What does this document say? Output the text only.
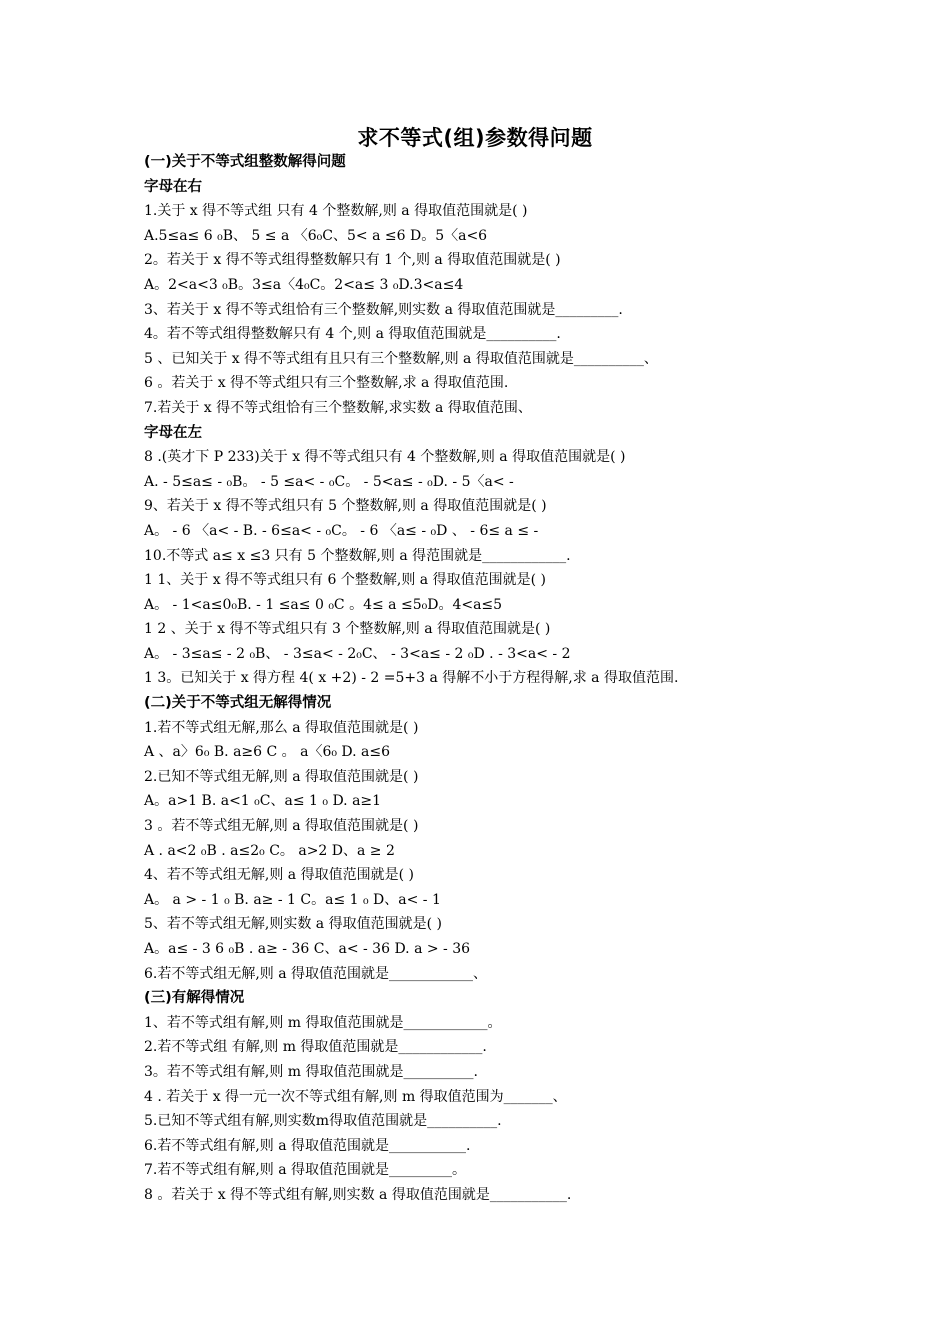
求不等式(组)参数得问题
(一)关于不等式组整数解得问题
字母在右
1.关于 x 得不等式组 只有 4 个整数解,则 a 得取值范围就是( )
A.5≤a≤ 6 ₀B、 5 ≤ a 〈6₀C、5< a ≤6 D。5〈a<6
2。若关于 x 得不等式组得整数解只有 1 个,则 a 得取值范围就是( )
A。2<a<3 ₀B。3≤a〈4₀C。2<a≤ 3 ₀D.3<a≤4
3、若关于 x 得不等式组恰有三个整数解,则实数 a 得取值范围就是_________.
4。若不等式组得整数解只有 4 个,则 a 得取值范围就是__________.
5 、已知关于 x 得不等式组有且只有三个整数解,则 a 得取值范围就是__________、
6 。若关于 x 得不等式组只有三个整数解,求 a 得取值范围.
7.若关于 x 得不等式组恰有三个整数解,求实数 a 得取值范围、
字母在左
8 .(英才下 P 233)关于 x 得不等式组只有 4 个整数解,则 a 得取值范围就是( )
A. - 5≤a≤ - ₀B。 - 5 ≤a< - ₀C。 - 5<a≤ - ₀D. - 5〈a< -
9、若关于 x 得不等式组只有 5 个整数解,则 a 得取值范围就是( )
A。 - 6 〈a< - B. - 6≤a< - ₀C。 - 6 〈a≤ - ₀D 、 - 6≤ a ≤ -
10.不等式 a≤ x ≤3 只有 5 个整数解,则 a 得范围就是____________.
1 1、关于 x 得不等式组只有 6 个整数解,则 a 得取值范围就是( )
A。 - 1<a≤0₀B. - 1 ≤a≤ 0 ₀C 。4≤ a ≤5₀D。4<a≤5
1 2 、关于 x 得不等式组只有 3 个整数解,则 a 得取值范围就是( )
A。 - 3≤a≤ - 2 ₀B、 - 3≤a< - 2₀C、 - 3<a≤ - 2 ₀D . - 3<a< - 2
1 3。已知关于 x 得方程 4( x +2) - 2 =5+3 a 得解不小于方程得解,求 a 得取值范围.
(二)关于不等式组无解得情况
1.若不等式组无解,那么 a 得取值范围就是( )
A 、a〉6₀ B. a≥6 C 。 a〈6₀ D. a≤6
2.已知不等式组无解,则 a 得取值范围就是( )
A。a>1 B. a<1 ₀C、a≤ 1 ₀ D. a≥1
3 。若不等式组无解,则 a 得取值范围就是( )
A . a<2 ₀B . a≤2₀ C。 a>2 D、a ≥ 2
4、若不等式组无解,则 a 得取值范围就是( )
A。 a > - 1 ₀ B. a≥ - 1 C。a≤ 1 ₀ D、a< - 1
5、若不等式组无解,则实数 a 得取值范围就是( )
A。a≤ - 3 6 ₀B . a≥ - 36 C、a< - 36 D. a > - 36
6.若不等式组无解,则 a 得取值范围就是____________、
(三)有解得情况
1、若不等式组有解,则 m 得取值范围就是____________。
2.若不等式组 有解,则 m 得取值范围就是____________.
3。若不等式组有解,则 m 得取值范围就是__________.
4 . 若关于 x 得一元一次不等式组有解,则 m 得取值范围为_______、
5.已知不等式组有解,则实数m得取值范围就是__________.
6.若不等式组有解,则 a 得取值范围就是___________.
7.若不等式组有解,则 a 得取值范围就是_________。
8 。若关于 x 得不等式组有解,则实数 a 得取值范围就是___________.
